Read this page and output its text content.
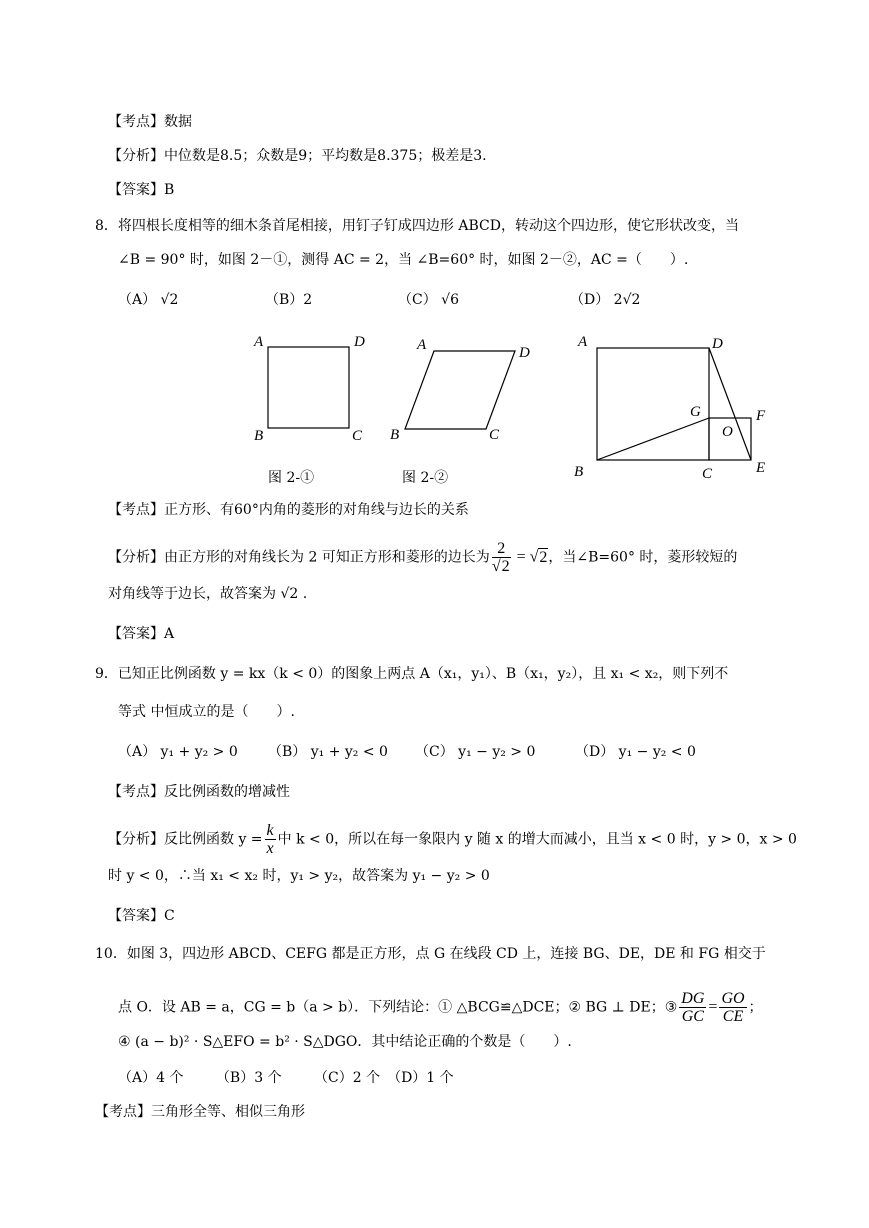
【考点】数据
【分析】中位数是8.5；众数是9；平均数是8.375；极差是3.
【答案】B
8．将四根长度相等的细木条首尾相接，用钉子钉成四边形 ABCD，转动这个四边形，使它形状改变，当
∠B = 90° 时，如图 2－①，测得 AC = 2，当 ∠B=60° 时，如图 2－②，AC =（　　）.
（A） √2	（B）2	（C） √6	（D） 2√2
A	D
B	C
图 2-①
A	D
B	C
图 2-②
A	D
G	F
O
B	C	E
【考点】正方形、有60°内角的菱形的对角线与边长的关系
【分析】由正方形的对角线长为 2 可知正方形和菱形的边长为 $\frac{2}{√2} = √2$，当∠B=60° 时，菱形较短的
对角线等于边长，故答案为 √2 .
【答案】A
9．已知正比例函数 y = kx（k < 0）的图象上两点 A（x₁，y₁）、B（x₁，y₂），且 x₁ < x₂，则下列不
等式 中恒成立的是（　　）.
（A） y₁ + y₂ > 0 （B） y₁ + y₂ < 0 （C） y₁ − y₂ > 0	（D） y₁ − y₂ < 0
【考点】反比例函数的增减性
【分析】反比例函数 $y = \frac{k}{x}$ 中 k < 0，所以在每一象限内 y 随 x 的增大而减小，且当 x < 0 时，y > 0，x > 0
时 y < 0，∴当 x₁ < x₂ 时，y₁ > y₂，故答案为 y₁ − y₂ > 0
【答案】C
10．如图 3，四边形 ABCD、CEFG 都是正方形，点 G 在线段 CD 上，连接 BG、DE，DE 和 FG 相交于
点 O．设 AB = a，CG = b（a > b）．下列结论：① △BCG≌△DCE；② BG ⊥ DE；③ $\frac{DG}{GC} = \frac{GO}{CE}$ ；
④ (a − b)² · S△EFO = b² · S△DGO．其中结论正确的个数是（　　）.
（A）4 个　　 （B）3 个　　 （C）2 个　（D）1 个
【考点】三角形全等、相似三角形
